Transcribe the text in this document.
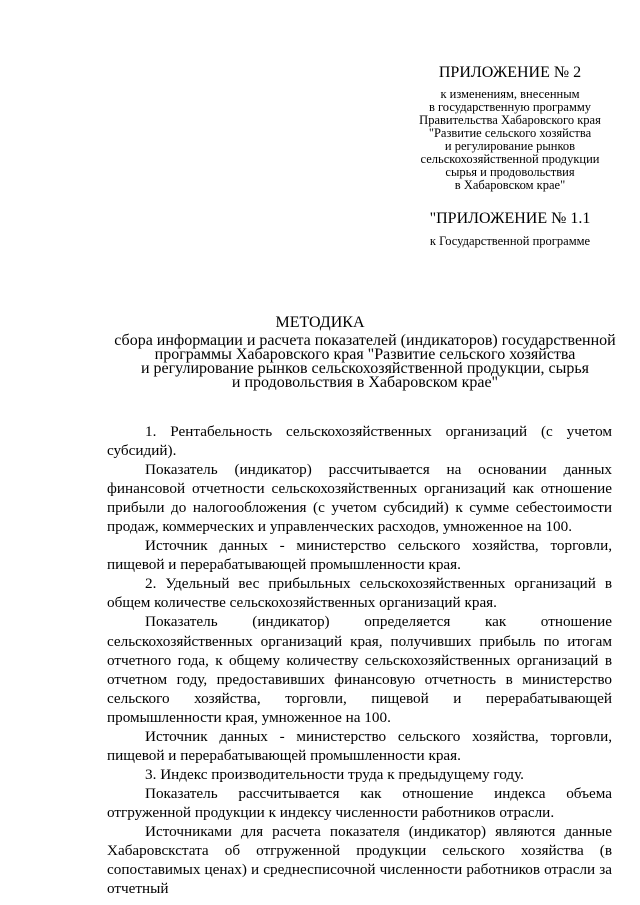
ПРИЛОЖЕНИЕ № 2
к изменениям, внесенным
в государственную программу
Правительства Хабаровского края
"Развитие сельского хозяйства
и регулирование рынков
сельскохозяйственной продукции
сырья и продовольствия
в Хабаровском крае"
"ПРИЛОЖЕНИЕ № 1.1
к Государственной программе
МЕТОДИКА
сбора информации и расчета показателей (индикаторов) государственной
программы Хабаровского края "Развитие сельского хозяйства
и регулирование рынков сельскохозяйственной продукции, сырья
и продовольствия в Хабаровском крае"

1. Рентабельность сельскохозяйственных организаций (с учетом субсидий).

Показатель (индикатор) рассчитывается на основании данных финансовой отчетности сельскохозяйственных организаций как отношение прибыли до налогообложения (с учетом субсидий) к сумме себестоимости продаж, коммерческих и управленческих расходов, умноженное на 100.

Источник данных - министерство сельского хозяйства, торговли, пищевой и перерабатывающей промышленности края.

2. Удельный вес прибыльных сельскохозяйственных организаций в общем количестве сельскохозяйственных организаций края.

Показатель (индикатор) определяется как отношение сельскохозяйственных организаций края, получивших прибыль по итогам отчетного года, к общему количеству сельскохозяйственных организаций в отчетном году, предоставивших финансовую отчетность в министерство сельского хозяйства, торговли, пищевой и перерабатывающей промышленности края, умноженное на 100.

Источник данных - министерство сельского хозяйства, торговли, пищевой и перерабатывающей промышленности края.

3. Индекс производительности труда к предыдущему году.

Показатель рассчитывается как отношение индекса объема отгруженной продукции к индексу численности работников отрасли.

Источниками для расчета показателя (индикатор) являются данные Хабаровскстата об отгруженной продукции сельского хозяйства (в сопоставимых ценах) и среднесписочной численности работников отрасли за отчетный
